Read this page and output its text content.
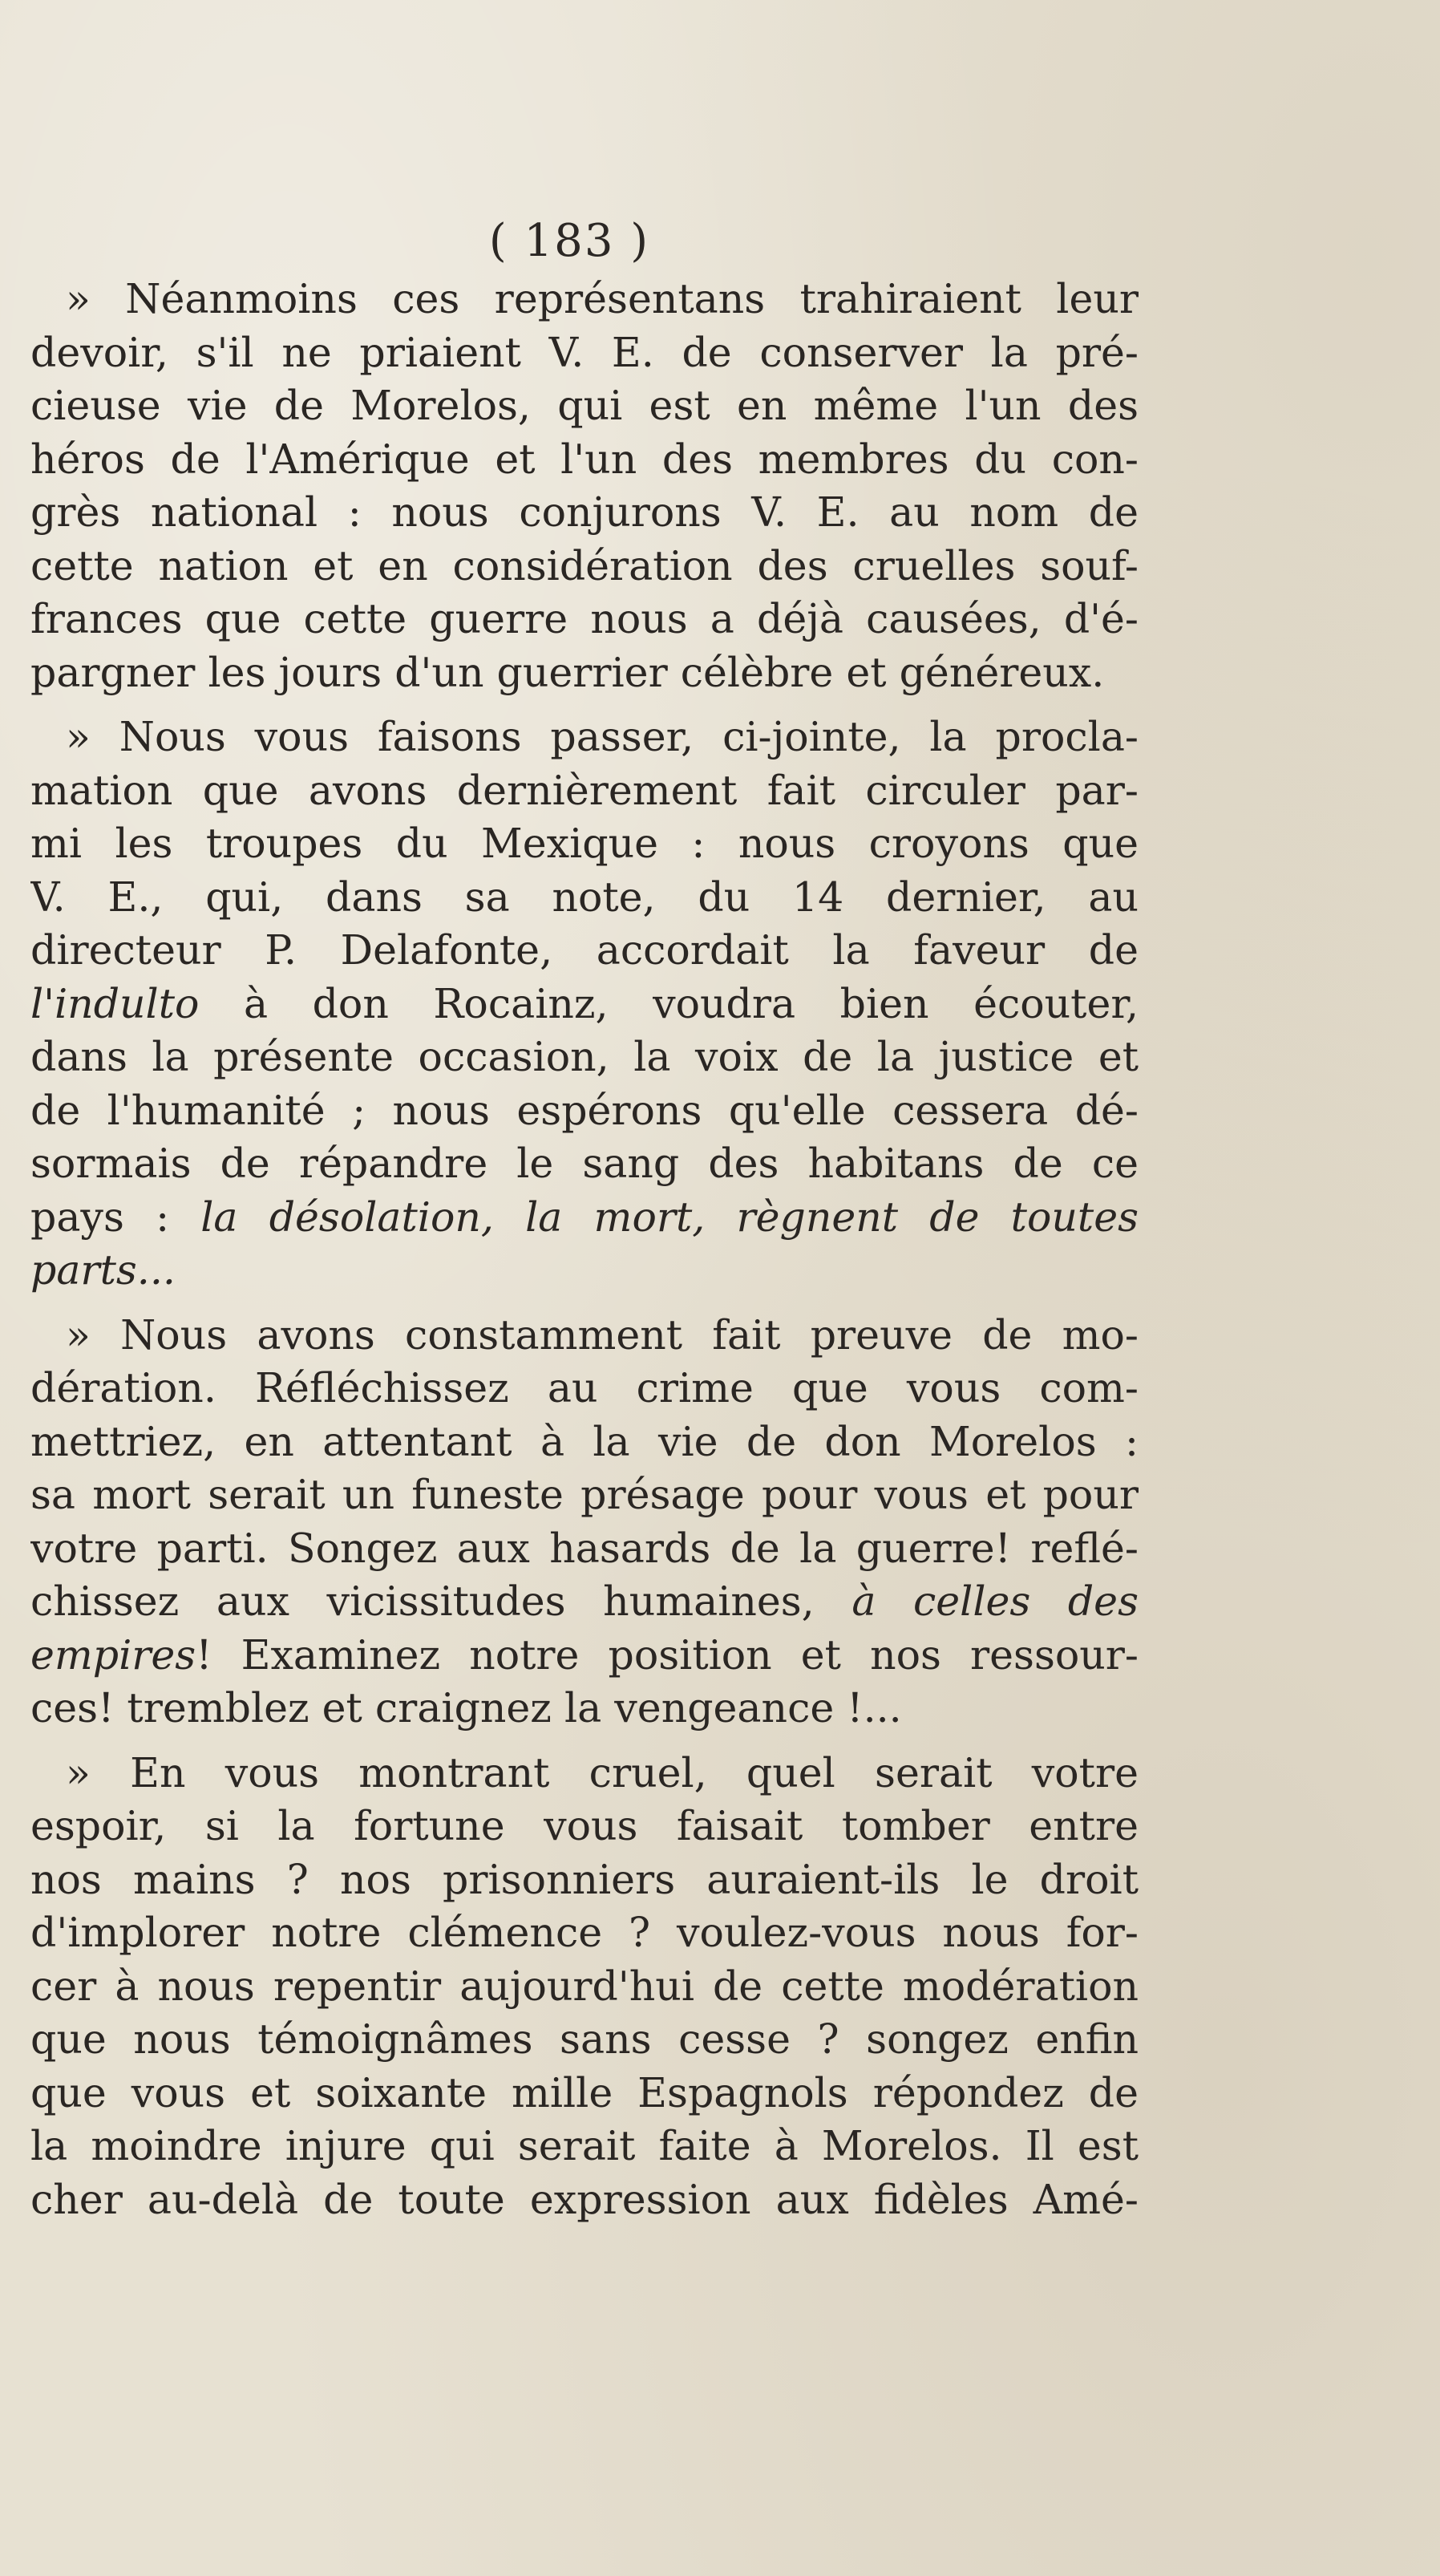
( 183 )

» Néanmoins ces représentans trahiraient leur
devoir, s'il ne priaient V. E. de conserver la pré-
cieuse vie de Morelos, qui est en même l'un des
héros de l'Amérique et l'un des membres du con-
grès national : nous conjurons V. E. au nom de
cette nation et en considération des cruelles souf-
frances que cette guerre nous a déjà causées, d'é-
pargner les jours d'un guerrier célèbre et généreux.

» Nous vous faisons passer, ci-jointe, la procla-
mation que avons dernièrement fait circuler par-
mi les troupes du Mexique : nous croyons que
V. E., qui, dans sa note, du 14 dernier, au
directeur P. Delafonte, accordait la faveur de
l'indulto à don Rocainz, voudra bien écouter,
dans la présente occasion, la voix de la justice et
de l'humanité ; nous espérons qu'elle cessera dé-
sormais de répandre le sang des habitans de ce
pays : la désolation, la mort, règnent de toutes
parts...

» Nous avons constamment fait preuve de mo-
dération. Réfléchissez au crime que vous com-
mettriez, en attentant à la vie de don Morelos :
sa mort serait un funeste présage pour vous et pour
votre parti. Songez aux hasards de la guerre! reflé-
chissez aux vicissitudes humaines, à celles des
empires! Examinez notre position et nos ressour-
ces! tremblez et craignez la vengeance !...

» En vous montrant cruel, quel serait votre
espoir, si la fortune vous faisait tomber entre
nos mains ? nos prisonniers auraient-ils le droit
d'implorer notre clémence ? voulez-vous nous for-
cer à nous repentir aujourd'hui de cette modération
que nous témoignâmes sans cesse ? songez enfin
que vous et soixante mille Espagnols répondez de
la moindre injure qui serait faite à Morelos. Il est
cher au-delà de toute expression aux fidèles Amé-
